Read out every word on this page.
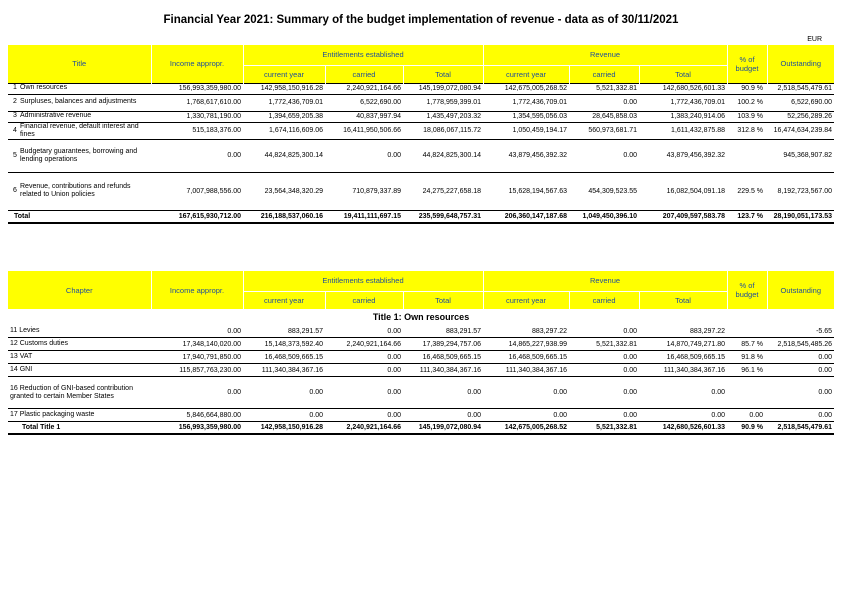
Financial Year 2021: Summary of the budget implementation of revenue - data as of 30/11/2021
EUR
Title	Income appropr.	Entitlements established			Revenue			% of budget	Outstanding
		current year	carried	Total	current year	carried	Total		
1 Own resources	156,993,359,980.00	142,958,150,916.28	2,240,921,164.66	145,199,072,080.94	142,675,005,268.52	5,521,332.81	142,680,526,601.33	90.9 %	2,518,545,479.61
2 Surpluses, balances and adjustments	1,768,617,610.00	1,772,436,709.01	6,522,690.00	1,778,959,399.01	1,772,436,709.01	0.00	1,772,436,709.01	100.2 %	6,522,690.00
3 Administrative revenue	1,330,781,190.00	1,394,659,205.38	40,837,997.94	1,435,497,203.32	1,354,595,056.03	28,645,858.03	1,383,240,914.06	103.9 %	52,256,289.26
4Financial revenue, default interest and fines	515,183,376.00	1,674,116,609.06	16,411,950,506.66	18,086,067,115.72	1,050,459,194.17	560,973,681.71	1,611,432,875.88	312.8 %	16,474,634,239.84
5Budgetary guarantees, borrowing and lending operations	0.00	44,824,825,300.14	0.00	44,824,825,300.14	43,879,456,392.32	0.00	43,879,456,392.32		945,368,907.82
6Revenue, contributions and refunds related to Union policies	7,007,988,556.00	23,564,348,320.29	710,879,337.89	24,275,227,658.18	15,628,194,567.63	454,309,523.55	16,082,504,091.18	229.5 %	8,192,723,567.00
Total	167,615,930,712.00	216,188,537,060.16	19,411,111,697.15	235,599,648,757.31	206,360,147,187.68	1,049,450,396.10	207,409,597,583.78	123.7 %	28,190,051,173.53
Chapter	Income appropr.	Entitlements established			Revenue			% of budget	Outstanding
		current year	carried	Total	current year	carried	Total		
Title 1: Own resources									
11 Levies	0.00	883,291.57	0.00	883,291.57	883,297.22	0.00	883,297.22		-5.65
12 Customs duties	17,348,140,020.00	15,148,373,592.40	2,240,921,164.66	17,389,294,757.06	14,865,227,938.99	5,521,332.81	14,870,749,271.80	85.7 %	2,518,545,485.26
13 VAT	17,940,791,850.00	16,468,509,665.15	0.00	16,468,509,665.15	16,468,509,665.15	0.00	16,468,509,665.15	91.8 %	0.00
14 GNI	115,857,763,230.00	111,340,384,367.16	0.00	111,340,384,367.16	111,340,384,367.16	0.00	111,340,384,367.16	96.1 %	0.00
16 Reduction of GNI-based contribution granted to certain Member States	0.00	0.00	0.00	0.00	0.00	0.00	0.00		0.00
17 Plastic packaging waste	5,846,664,880.00	0.00	0.00	0.00	0.00	0.00	0.00	0.00	0.00
Total Title 1	156,993,359,980.00	142,958,150,916.28	2,240,921,164.66	145,199,072,080.94	142,675,005,268.52	5,521,332.81	142,680,526,601.33	90.9 %	2,518,545,479.61
